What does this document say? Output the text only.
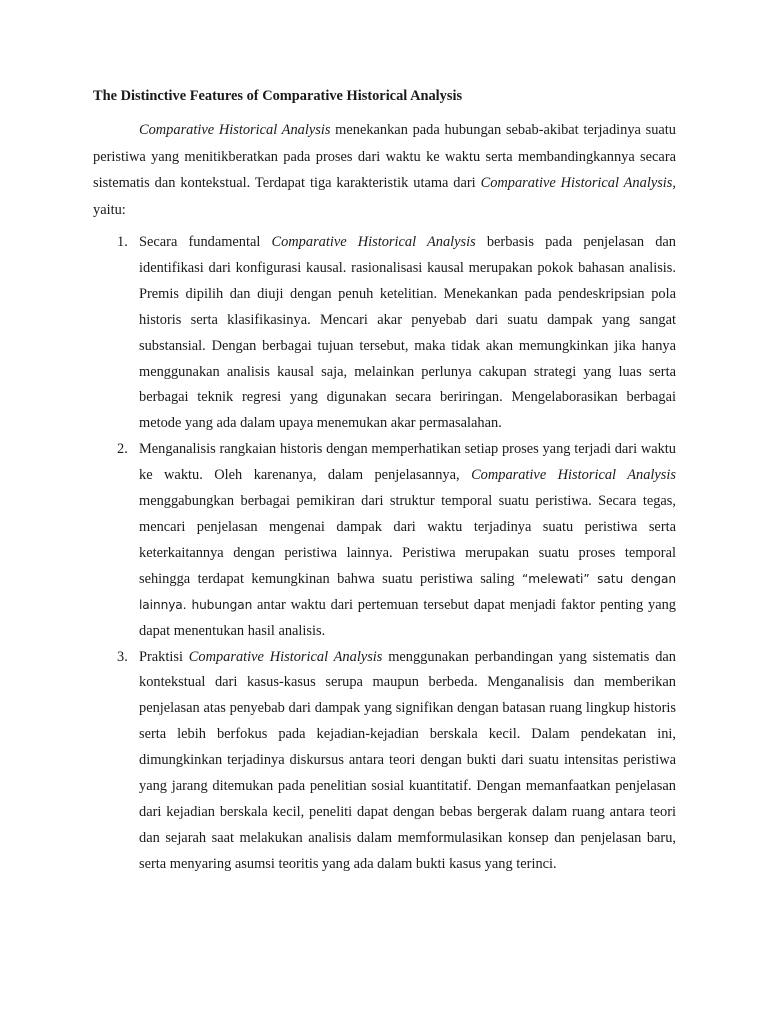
The Distinctive Features of Comparative Historical Analysis

Comparative Historical Analysis menekankan pada hubungan sebab-akibat terjadinya suatu peristiwa yang menitikberatkan pada proses dari waktu ke waktu serta membandingkannya secara sistematis dan kontekstual. Terdapat tiga karakteristik utama dari Comparative Historical Analysis, yaitu:

1. Secara fundamental Comparative Historical Analysis berbasis pada penjelasan dan identifikasi dari konfigurasi kausal. rasionalisasi kausal merupakan pokok bahasan analisis. Premis dipilih dan diuji dengan penuh ketelitian. Menekankan pada pendeskripsian pola historis serta klasifikasinya. Mencari akar penyebab dari suatu dampak yang sangat substansial. Dengan berbagai tujuan tersebut, maka tidak akan memungkinkan jika hanya menggunakan analisis kausal saja, melainkan perlunya cakupan strategi yang luas serta berbagai teknik regresi yang digunakan secara beriringan. Mengelaborasikan berbagai metode yang ada dalam upaya menemukan akar permasalahan.
2. Menganalisis rangkaian historis dengan memperhatikan setiap proses yang terjadi dari waktu ke waktu. Oleh karenanya, dalam penjelasannya, Comparative Historical Analysis menggabungkan berbagai pemikiran dari struktur temporal suatu peristiwa. Secara tegas, mencari penjelasan mengenai dampak dari waktu terjadinya suatu peristiwa serta keterkaitannya dengan peristiwa lainnya. Peristiwa merupakan suatu proses temporal sehingga terdapat kemungkinan bahwa suatu peristiwa saling “melewati” satu dengan lainnya. hubungan antar waktu dari pertemuan tersebut dapat menjadi faktor penting yang dapat menentukan hasil analisis.
3. Praktisi Comparative Historical Analysis menggunakan perbandingan yang sistematis dan kontekstual dari kasus-kasus serupa maupun berbeda. Menganalisis dan memberikan penjelasan atas penyebab dari dampak yang signifikan dengan batasan ruang lingkup historis serta lebih berfokus pada kejadian-kejadian berskala kecil. Dalam pendekatan ini, dimungkinkan terjadinya diskursus antara teori dengan bukti dari suatu intensitas peristiwa yang jarang ditemukan pada penelitian sosial kuantitatif. Dengan memanfaatkan penjelasan dari kejadian berskala kecil, peneliti dapat dengan bebas bergerak dalam ruang antara teori dan sejarah saat melakukan analisis dalam memformulasikan konsep dan penjelasan baru, serta menyaring asumsi teoritis yang ada dalam bukti kasus yang terinci.
